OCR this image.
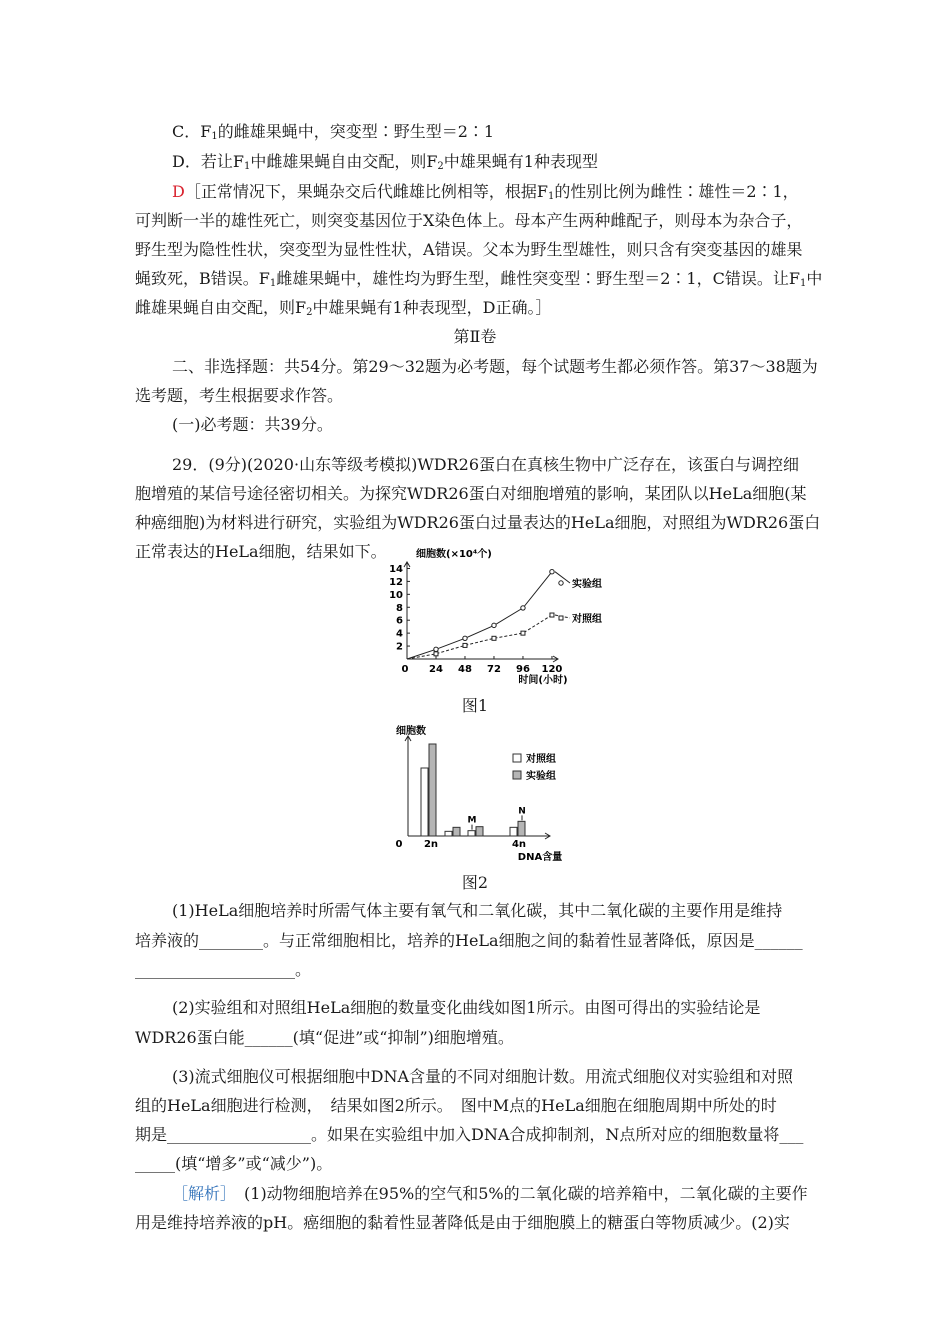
C．$F_1$的雌雄果蝇中，突变型∶野生型＝2∶1

D．若让$F_1$中雌雄果蝇自由交配，则$F_2$中雄果蝇有1种表现型

D［正常情况下，果蝇杂交后代雌雄比例相等，根据$F_1$的性别比例为雌性∶雄性＝2∶1，

可判断一半的雄性死亡，则突变基因位于X染色体上。母本产生两种雌配子，则母本为杂合子，

野生型为隐性性状，突变型为显性性状，A错误。父本为野生型雄性，则只含有突变基因的雄果

蝇致死，B错误。$F_1$雌雄果蝇中，雄性均为野生型，雌性突变型∶野生型＝2∶1，C错误。让$F_1$中

雌雄果蝇自由交配，则$F_2$中雄果蝇有1种表现型，D正确。］

第Ⅱ卷

二、非选择题：共54分。第29～32题为必考题，每个试题考生都必须作答。第37～38题为

选考题，考生根据要求作答。

(一)必考题：共39分。

29．(9分)(2020·山东等级考模拟)WDR26蛋白在真核生物中广泛存在，该蛋白与调控细

胞增殖的某信号途径密切相关。为探究WDR26蛋白对细胞增殖的影响，某团队以HeLa细胞(某

种癌细胞)为材料进行研究，实验组为WDR26蛋白过量表达的HeLa细胞，对照组为WDR26蛋白

正常表达的HeLa细胞，结果如下。

2
4
6
8
10
12
14
0 24 48 72 96 120
细胞数(×10⁴个)
时间(小时)
实验组
对照组

图1

0 2n	4n
M
N
细胞数
DNA含量
对照组
实验组

图2

(1)HeLa细胞培养时所需气体主要有氧气和二氧化碳，其中二氧化碳的主要作用是维持

培养液的________。与正常细胞相比，培养的HeLa细胞之间的黏着性显著降低，原因是______

____________________。

(2)实验组和对照组HeLa细胞的数量变化曲线如图1所示。由图可得出的实验结论是

WDR26蛋白能______(填“促进”或“抑制”)细胞增殖。

(3)流式细胞仪可根据细胞中DNA含量的不同对细胞计数。用流式细胞仪对实验组和对照

组的HeLa细胞进行检测，　结果如图2所示。　图中M点的HeLa细胞在细胞周期中所处的时

期是__________________。如果在实验组中加入DNA合成抑制剂，N点所对应的细胞数量将___

_____(填“增多”或“减少”)。

［解析］　(1)动物细胞培养在95%的空气和5%的二氧化碳的培养箱中，二氧化碳的主要作

用是维持培养液的pH。癌细胞的黏着性显著降低是由于细胞膜上的糖蛋白等物质减少。(2)实
